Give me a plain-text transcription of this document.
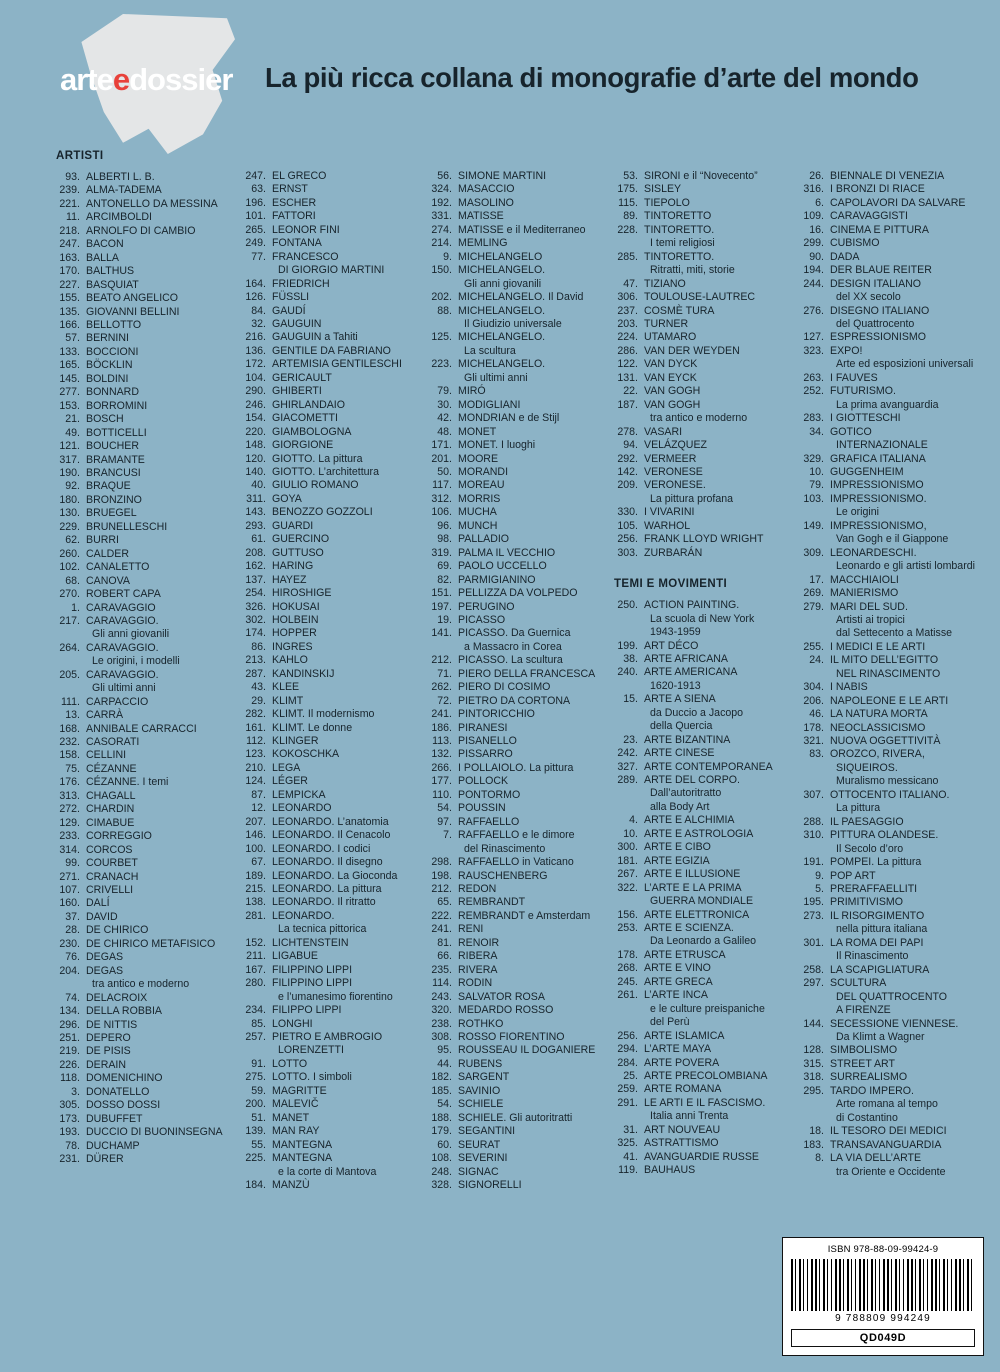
arteedossier La più ricca collana di monografie d’arte del mondo
ARTISTI
93. ALBERTI L. B.
239. ALMA-TADEMA
221. ANTONELLO DA MESSINA
11. ARCIMBOLDI
218. ARNOLFO DI CAMBIO
247. BACON
163. BALLA
170. BALTHUS
227. BASQUIAT
155. BEATO ANGELICO
135. GIOVANNI BELLINI
166. BELLOTTO
57. BERNINI
133. BOCCIONI
165. BÖCKLIN
145. BOLDINI
277. BONNARD
153. BORROMINI
21. BOSCH
49. BOTTICELLI
121. BOUCHER
317. BRAMANTE
190. BRANCUSI
92. BRAQUE
180. BRONZINO
130. BRUEGEL
229. BRUNELLESCHI
62. BURRI
260. CALDER
102. CANALETTO
68. CANOVA
270. ROBERT CAPA
1. CARAVAGGIO
217. CARAVAGGIO.
Gli anni giovanili
264. CARAVAGGIO.
Le origini, i modelli
205. CARAVAGGIO.
Gli ultimi anni
111. CARPACCIO
13. CARRÀ
168. ANNIBALE CARRACCI
232. CASORATI
158. CELLINI
75. CÉZANNE
176. CÉZANNE. I temi
313. CHAGALL
272. CHARDIN
129. CIMABUE
233. CORREGGIO
314. CORCOS
99. COURBET
271. CRANACH
107. CRIVELLI
160. DALÍ
37. DAVID
28. DE CHIRICO
230. DE CHIRICO METAFISICO
76. DEGAS
204. DEGAS
tra antico e moderno
74. DELACROIX
134. DELLA ROBBIA
296. DE NITTIS
251. DEPERO
219. DE PISIS
226. DERAIN
118. DOMENICHINO
3. DONATELLO
305. DOSSO DOSSI
173. DUBUFFET
193. DUCCIO DI BUONINSEGNA
78. DUCHAMP
231. DÜRER
247. EL GRECO
63. ERNST
196. ESCHER
101. FATTORI
265. LEONOR FINI
249. FONTANA
77. FRANCESCO
DI GIORGIO MARTINI
164. FRIEDRICH
126. FÜSSLI
84. GAUDÍ
32. GAUGUIN
216. GAUGUIN a Tahiti
136. GENTILE DA FABRIANO
172. ARTEMISIA GENTILESCHI
104. GERICAULT
290. GHIBERTI
246. GHIRLANDAIO
154. GIACOMETTI
220. GIAMBOLOGNA
148. GIORGIONE
120. GIOTTO. La pittura
140. GIOTTO. L’architettura
40. GIULIO ROMANO
311. GOYA
143. BENOZZO GOZZOLI
293. GUARDI
61. GUERCINO
208. GUTTUSO
162. HARING
137. HAYEZ
254. HIROSHIGE
326. HOKUSAI
302. HOLBEIN
174. HOPPER
86. INGRES
213. KAHLO
287. KANDINSKIJ
43. KLEE
29. KLIMT
282. KLIMT. Il modernismo
161. KLIMT. Le donne
112. KLINGER
123. KOKOSCHKA
210. LEGA
124. LÉGER
87. LEMPICKA
12. LEONARDO
207. LEONARDO. L’anatomia
146. LEONARDO. Il Cenacolo
100. LEONARDO. I codici
67. LEONARDO. Il disegno
189. LEONARDO. La Gioconda
215. LEONARDO. La pittura
138. LEONARDO. Il ritratto
281. LEONARDO.
La tecnica pittorica
152. LICHTENSTEIN
211. LIGABUE
167. FILIPPINO LIPPI
280. FILIPPINO LIPPI
e l’umanesimo fiorentino
234. FILIPPO LIPPI
85. LONGHI
257. PIETRO E AMBROGIO
LORENZETTI
91. LOTTO
275. LOTTO. I simboli
59. MAGRITTE
200. MALEVIČ
51. MANET
139. MAN RAY
55. MANTEGNA
225. MANTEGNA
e la corte di Mantova
184. MANZÙ
56. SIMONE MARTINI
324. MASACCIO
192. MASOLINO
331. MATISSE
274. MATISSE e il Mediterraneo
214. MEMLING
9. MICHELANGELO
150. MICHELANGELO.
Gli anni giovanili
202. MICHELANGELO. Il David
88. MICHELANGELO.
Il Giudizio universale
125. MICHELANGELO.
La scultura
223. MICHELANGELO.
Gli ultimi anni
79. MIRÓ
30. MODIGLIANI
42. MONDRIAN e de Stijl
48. MONET
171. MONET. I luoghi
201. MOORE
50. MORANDI
117. MOREAU
312. MORRIS
106. MUCHA
96. MUNCH
98. PALLADIO
319. PALMA IL VECCHIO
69. PAOLO UCCELLO
82. PARMIGIANINO
151. PELLIZZA DA VOLPEDO
197. PERUGINO
19. PICASSO
141. PICASSO. Da Guernica
a Massacro in Corea
212. PICASSO. La scultura
71. PIERO DELLA FRANCESCA
262. PIERO DI COSIMO
72. PIETRO DA CORTONA
241. PINTORICCHIO
186. PIRANESI
113. PISANELLO
132. PISSARRO
266. I POLLAIOLO. La pittura
177. POLLOCK
110. PONTORMO
54. POUSSIN
97. RAFFAELLO
7. RAFFAELLO e le dimore
del Rinascimento
298. RAFFAELLO in Vaticano
198. RAUSCHENBERG
212. REDON
65. REMBRANDT
222. REMBRANDT e Amsterdam
241. RENI
81. RENOIR
66. RIBERA
235. RIVERA
114. RODIN
243. SALVATOR ROSA
320. MEDARDO ROSSO
238. ROTHKO
308. ROSSO FIORENTINO
95. ROUSSEAU IL DOGANIERE
44. RUBENS
182. SARGENT
185. SAVINIO
54. SCHIELE
188. SCHIELE. Gli autoritratti
179. SEGANTINI
60. SEURAT
108. SEVERINI
248. SIGNAC
328. SIGNORELLI
53. SIRONI e il “Novecento”
175. SISLEY
115. TIEPOLO
89. TINTORETTO
228. TINTORETTO.
I temi religiosi
285. TINTORETTO.
Ritratti, miti, storie
47. TIZIANO
306. TOULOUSE-LAUTREC
237. COSMÈ TURA
203. TURNER
224. UTAMARO
286. VAN DER WEYDEN
122. VAN DYCK
131. VAN EYCK
22. VAN GOGH
187. VAN GOGH
tra antico e moderno
278. VASARI
94. VELÁZQUEZ
292. VERMEER
142. VERONESE
209. VERONESE.
La pittura profana
330. I VIVARINI
105. WARHOL
256. FRANK LLOYD WRIGHT
303. ZURBARÁN
TEMI E MOVIMENTI
250. ACTION PAINTING.
La scuola di New York
1943-1959
199. ART DÉCO
38. ARTE AFRICANA
240. ARTE AMERICANA
1620-1913
15. ARTE A SIENA
da Duccio a Jacopo
della Quercia
23. ARTE BIZANTINA
242. ARTE CINESE
327. ARTE CONTEMPORANEA
289. ARTE DEL CORPO.
Dall’autoritratto
alla Body Art
4. ARTE E ALCHIMIA
10. ARTE E ASTROLOGIA
300. ARTE E CIBO
181. ARTE EGIZIA
267. ARTE E ILLUSIONE
322. L’ARTE E LA PRIMA
GUERRA MONDIALE
156. ARTE ELETTRONICA
253. ARTE E SCIENZA.
Da Leonardo a Galileo
178. ARTE ETRUSCA
268. ARTE E VINO
245. ARTE GRECA
261. L’ARTE INCA
e le culture preispaniche
del Perù
256. ARTE ISLAMICA
294. L’ARTE MAYA
284. ARTE POVERA
25. ARTE PRECOLOMBIANA
259. ARTE ROMANA
291. LE ARTI E IL FASCISMO.
Italia anni Trenta
31. ART NOUVEAU
325. ASTRATTISMO
41. AVANGUARDIE RUSSE
119. BAUHAUS
26. BIENNALE DI VENEZIA
316. I BRONZI DI RIACE
6. CAPOLAVORI DA SALVARE
109. CARAVAGGISTI
16. CINEMA E PITTURA
299. CUBISMO
90. DADA
194. DER BLAUE REITER
244. DESIGN ITALIANO
del XX secolo
276. DISEGNO ITALIANO
del Quattrocento
127. ESPRESSIONISMO
323. EXPO!
Arte ed esposizioni universali
263. I FAUVES
252. FUTURISMO.
La prima avanguardia
283. I GIOTTESCHI
34. GOTICO
INTERNAZIONALE
329. GRAFICA ITALIANA
10. GUGGENHEIM
79. IMPRESSIONISMO
103. IMPRESSIONISMO.
Le origini
149. IMPRESSIONISMO,
Van Gogh e il Giappone
309. LEONARDESCHI.
Leonardo e gli artisti lombardi
17. MACCHIAIOLI
269. MANIERISMO
279. MARI DEL SUD.
Artisti ai tropici
dal Settecento a Matisse
255. I MEDICI E LE ARTI
24. IL MITO DELL’EGITTO
NEL RINASCIMENTO
304. I NABIS
206. NAPOLEONE E LE ARTI
46. LA NATURA MORTA
178. NEOCLASSICISMO
321. NUOVA OGGETTIVITÀ
83. OROZCO, RIVERA,
SIQUEIROS.
Muralismo messicano
307. OTTOCENTO ITALIANO.
La pittura
288. IL PAESAGGIO
310. PITTURA OLANDESE.
Il Secolo d’oro
191. POMPEI. La pittura
9. POP ART
5. PRERAFFAELLITI
195. PRIMITIVISMO
273. IL RISORGIMENTO
nella pittura italiana
301. LA ROMA DEI PAPI
Il Rinascimento
258. LA SCAPIGLIATURA
297. SCULTURA
DEL QUATTROCENTO
A FIRENZE
144. SECESSIONE VIENNESE.
Da Klimt a Wagner
128. SIMBOLISMO
315. STREET ART
318. SURREALISMO
295. TARDO IMPERO.
Arte romana al tempo
di Costantino
18. IL TESORO DEI MEDICI
183. TRANSAVANGUARDIA
8. LA VIA DELL’ARTE
tra Oriente e Occidente
ISBN 978-88-09-99424-9
9 788809 994249
QD049D
